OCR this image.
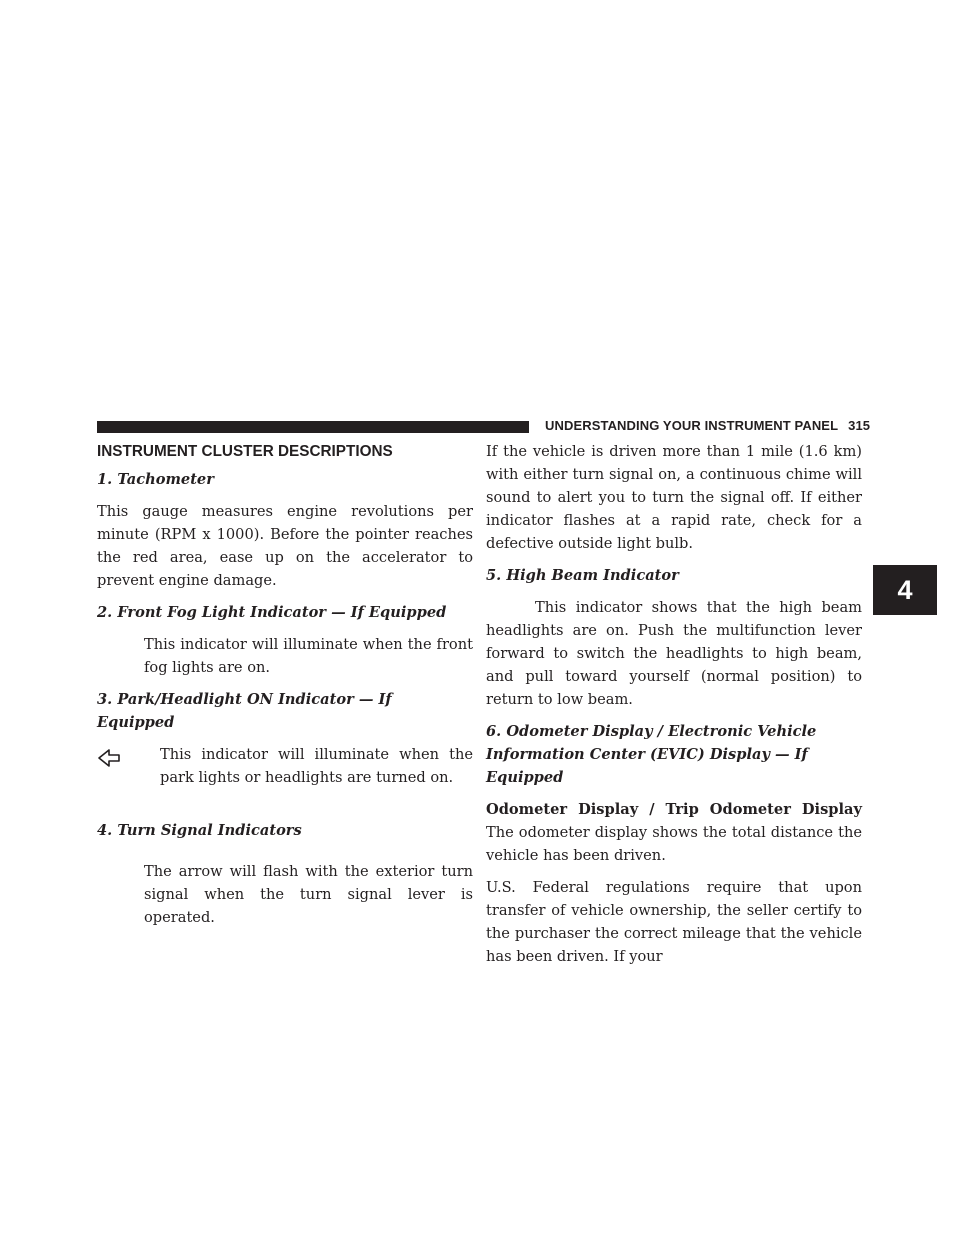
UNDERSTANDING YOUR INSTRUMENT PANEL 315
4
INSTRUMENT CLUSTER DESCRIPTIONS
1. Tachometer

This gauge measures engine revolutions per minute (RPM x 1000). Before the pointer reaches the red area, ease up on the accelerator to prevent engine damage.

2. Front Fog Light Indicator — If Equipped

This indicator will illuminate when the front fog lights are on.

3. Park/Headlight ON Indicator — If Equipped

This indicator will illuminate when the park lights or headlights are turned on.

4. Turn Signal Indicators

The arrow will flash with the exterior turn signal when the turn signal lever is operated.

If the vehicle is driven more than 1 mile (1.6 km) with either turn signal on, a continuous chime will sound to alert you to turn the signal off. If either indicator flashes at a rapid rate, check for a defective outside light bulb.

5. High Beam Indicator

This indicator shows that the high beam headlights are on. Push the multifunction lever forward to switch the headlights to high beam, and pull toward yourself (normal position) to return to low beam.

6. Odometer Display / Electronic Vehicle Information Center (EVIC) Display — If Equipped

Odometer Display / Trip Odometer Display The odometer display shows the total distance the vehicle has been driven.

U.S. Federal regulations require that upon transfer of vehicle ownership, the seller certify to the purchaser the correct mileage that the vehicle has been driven. If your
